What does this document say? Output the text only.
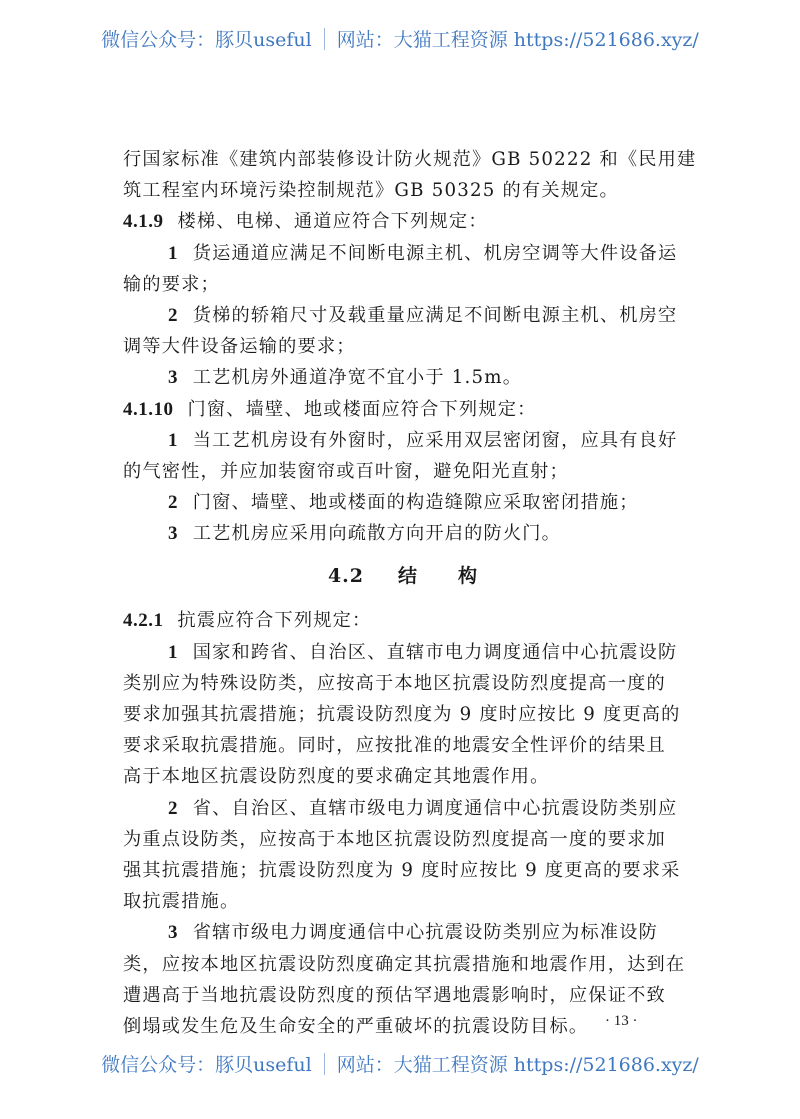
微信公众号：豚贝useful 网站：大猫工程资源 https://521686.xyz/
行国家标准《建筑内部装修设计防火规范》GB 50222 和《民用建
筑工程室内环境污染控制规范》GB 50325 的有关规定。
4.1.9 楼梯、电梯、通道应符合下列规定：
1 货运通道应满足不间断电源主机、机房空调等大件设备运
输的要求；
2 货梯的轿箱尺寸及载重量应满足不间断电源主机、机房空
调等大件设备运输的要求；
3 工艺机房外通道净宽不宜小于 1.5m。
4.1.10 门窗、墙壁、地或楼面应符合下列规定：
1 当工艺机房设有外窗时，应采用双层密闭窗，应具有良好
的气密性，并应加装窗帘或百叶窗，避免阳光直射；
2 门窗、墙壁、地或楼面的构造缝隙应采取密闭措施；
3 工艺机房应采用向疏散方向开启的防火门。
4.2 结 构
4.2.1 抗震应符合下列规定：
1 国家和跨省、自治区、直辖市电力调度通信中心抗震设防
类别应为特殊设防类，应按高于本地区抗震设防烈度提高一度的
要求加强其抗震措施；抗震设防烈度为 9 度时应按比 9 度更高的
要求采取抗震措施。同时，应按批准的地震安全性评价的结果且
高于本地区抗震设防烈度的要求确定其地震作用。
2 省、自治区、直辖市级电力调度通信中心抗震设防类别应
为重点设防类，应按高于本地区抗震设防烈度提高一度的要求加
强其抗震措施；抗震设防烈度为 9 度时应按比 9 度更高的要求采
取抗震措施。
3 省辖市级电力调度通信中心抗震设防类别应为标准设防
类，应按本地区抗震设防烈度确定其抗震措施和地震作用，达到在
遭遇高于当地抗震设防烈度的预估罕遇地震影响时，应保证不致
倒塌或发生危及生命安全的严重破坏的抗震设防目标。	· 13 ·
微信公众号：豚贝useful 网站：大猫工程资源 https://521686.xyz/
